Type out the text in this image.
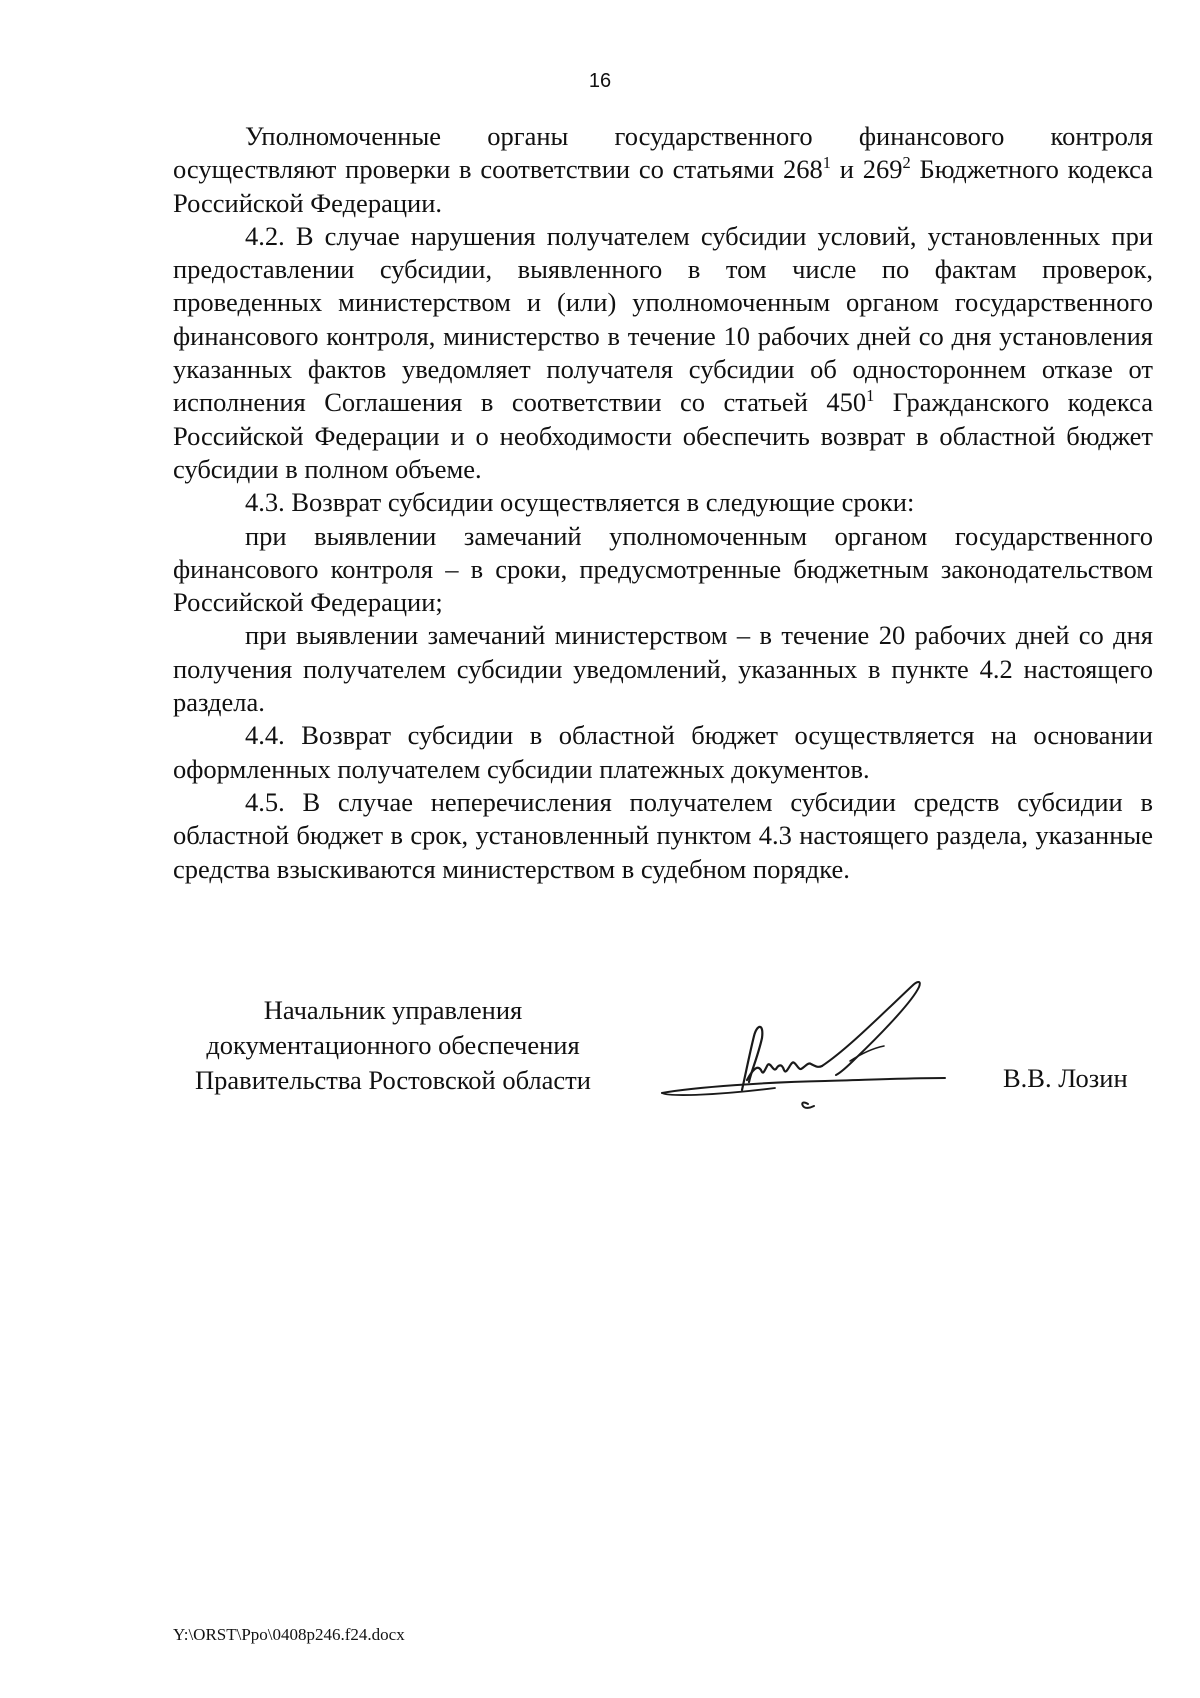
16

Уполномоченные органы государственного финансового контроля осуществляют проверки в соответствии со статьями $268^1$ и $269^2$ Бюджетного кодекса Российской Федерации.

4.2. В случае нарушения получателем субсидии условий, установленных при предоставлении субсидии, выявленного в том числе по фактам проверок, проведенных министерством и (или) уполномоченным органом государственного финансового контроля, министерство в течение 10 рабочих дней со дня установления указанных фактов уведомляет получателя субсидии об одностороннем отказе от исполнения Соглашения в соответствии со статьей $450^1$ Гражданского кодекса Российской Федерации и о необходимости обеспечить возврат в областной бюджет субсидии в полном объеме.

4.3. Возврат субсидии осуществляется в следующие сроки:

при выявлении замечаний уполномоченным органом государственного финансового контроля – в сроки, предусмотренные бюджетным законодательством Российской Федерации;

при выявлении замечаний министерством – в течение 20 рабочих дней со дня получения получателем субсидии уведомлений, указанных в пункте 4.2 настоящего раздела.

4.4. Возврат субсидии в областной бюджет осуществляется на основании оформленных получателем субсидии платежных документов.

4.5. В случае неперечисления получателем субсидии средств субсидии в областной бюджет в срок, установленный пунктом 4.3 настоящего раздела, указанные средства взыскиваются министерством в судебном порядке.

Начальник управления
документационного обеспечения
Правительства Ростовской области	В.В. Лозин
Y:\ORST\Ppo\0408p246.f24.docx
